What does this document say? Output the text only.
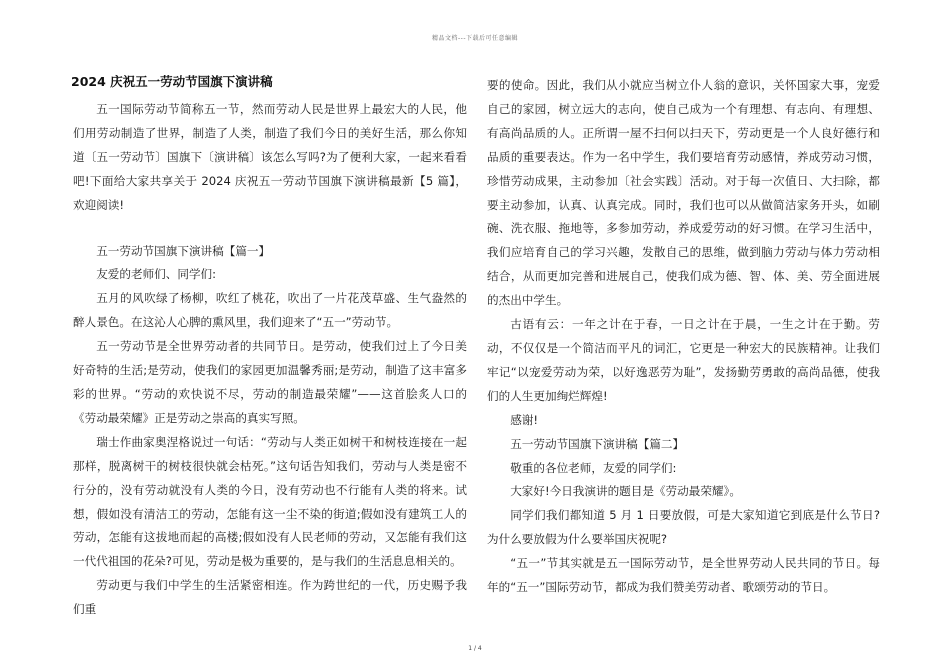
精品文档---下载后可任意编辑
2024 庆祝五一劳动节国旗下演讲稿

五一国际劳动节简称五一节，然而劳动人民是世界上最宏大的人民，他们用劳动制造了世界，制造了人类，制造了我们今日的美好生活，那么你知道〔五一劳动节〕国旗下〔演讲稿〕该怎么写吗?为了便利大家，一起来看看吧!下面给大家共享关于 2024 庆祝五一劳动节国旗下演讲稿最新【5 篇】，欢迎阅读!

五一劳动节国旗下演讲稿【篇一】

友爱的老师们、同学们:

五月的风吹绿了杨柳，吹红了桃花，吹出了一片花茂草盛、生气盎然的醉人景色。在这沁人心脾的熏风里，我们迎来了“五一”劳动节。

五一劳动节是全世界劳动者的共同节日。是劳动，使我们过上了今日美好奇特的生活;是劳动，使我们的家园更加温馨秀丽;是劳动，制造了这丰富多彩的世界。“劳动的欢快说不尽，劳动的制造最荣耀”——这首脍炙人口的《劳动最荣耀》正是劳动之崇高的真实写照。

瑞士作曲家奥涅格说过一句话：“劳动与人类正如树干和树枝连接在一起那样，脱离树干的树枝很快就会枯死。”这句话告知我们，劳动与人类是密不行分的，没有劳动就没有人类的今日，没有劳动也不行能有人类的将来。试想，假如没有清洁工的劳动，怎能有这一尘不染的街道;假如没有建筑工人的劳动，怎能有这拔地而起的高楼;假如没有人民老师的劳动，又怎能有我们这一代代祖国的花朵?可见，劳动是极为重要的，是与我们的生活息息相关的。

劳动更与我们中学生的生活紧密相连。作为跨世纪的一代，历史赐予我们重

要的使命。因此，我们从小就应当树立仆人翁的意识，关怀国家大事，宠爱自己的家园，树立远大的志向，使自己成为一个有理想、有志向、有理想、有高尚品质的人。正所谓一屋不扫何以扫天下，劳动更是一个人良好德行和品质的重要表达。作为一名中学生，我们要培育劳动感情，养成劳动习惯，珍惜劳动成果，主动参加〔社会实践〕活动。对于每一次值日、大扫除，都要主动参加，认真、认真完成。同时，我们也可以从做简洁家务开头，如刷碗、洗衣服、拖地等，多参加劳动，养成爱劳动的好习惯。在学习生活中，我们应培育自己的学习兴趣，发散自己的思维，做到脑力劳动与体力劳动相结合，从而更加完善和进展自己，使我们成为德、智、体、美、劳全面进展的杰出中学生。

古语有云：一年之计在于春，一日之计在于晨，一生之计在于勤。劳动，不仅仅是一个简洁而平凡的词汇，它更是一种宏大的民族精神。让我们牢记“以宠爱劳动为荣，以好逸恶劳为耻”，发扬勤劳勇敢的高尚品德，使我们的人生更加绚烂辉煌!

感谢!

五一劳动节国旗下演讲稿【篇二】

敬重的各位老师，友爱的同学们:

大家好!今日我演讲的题目是《劳动最荣耀》。

同学们我们都知道 5 月 1 日要放假，可是大家知道它到底是什么节日?为什么要放假为什么要举国庆祝呢?

“五一”节其实就是五一国际劳动节，是全世界劳动人民共同的节日。每年的“五一”国际劳动节，都成为我们赞美劳动者、歌颂劳动的节日。

1 / 4
